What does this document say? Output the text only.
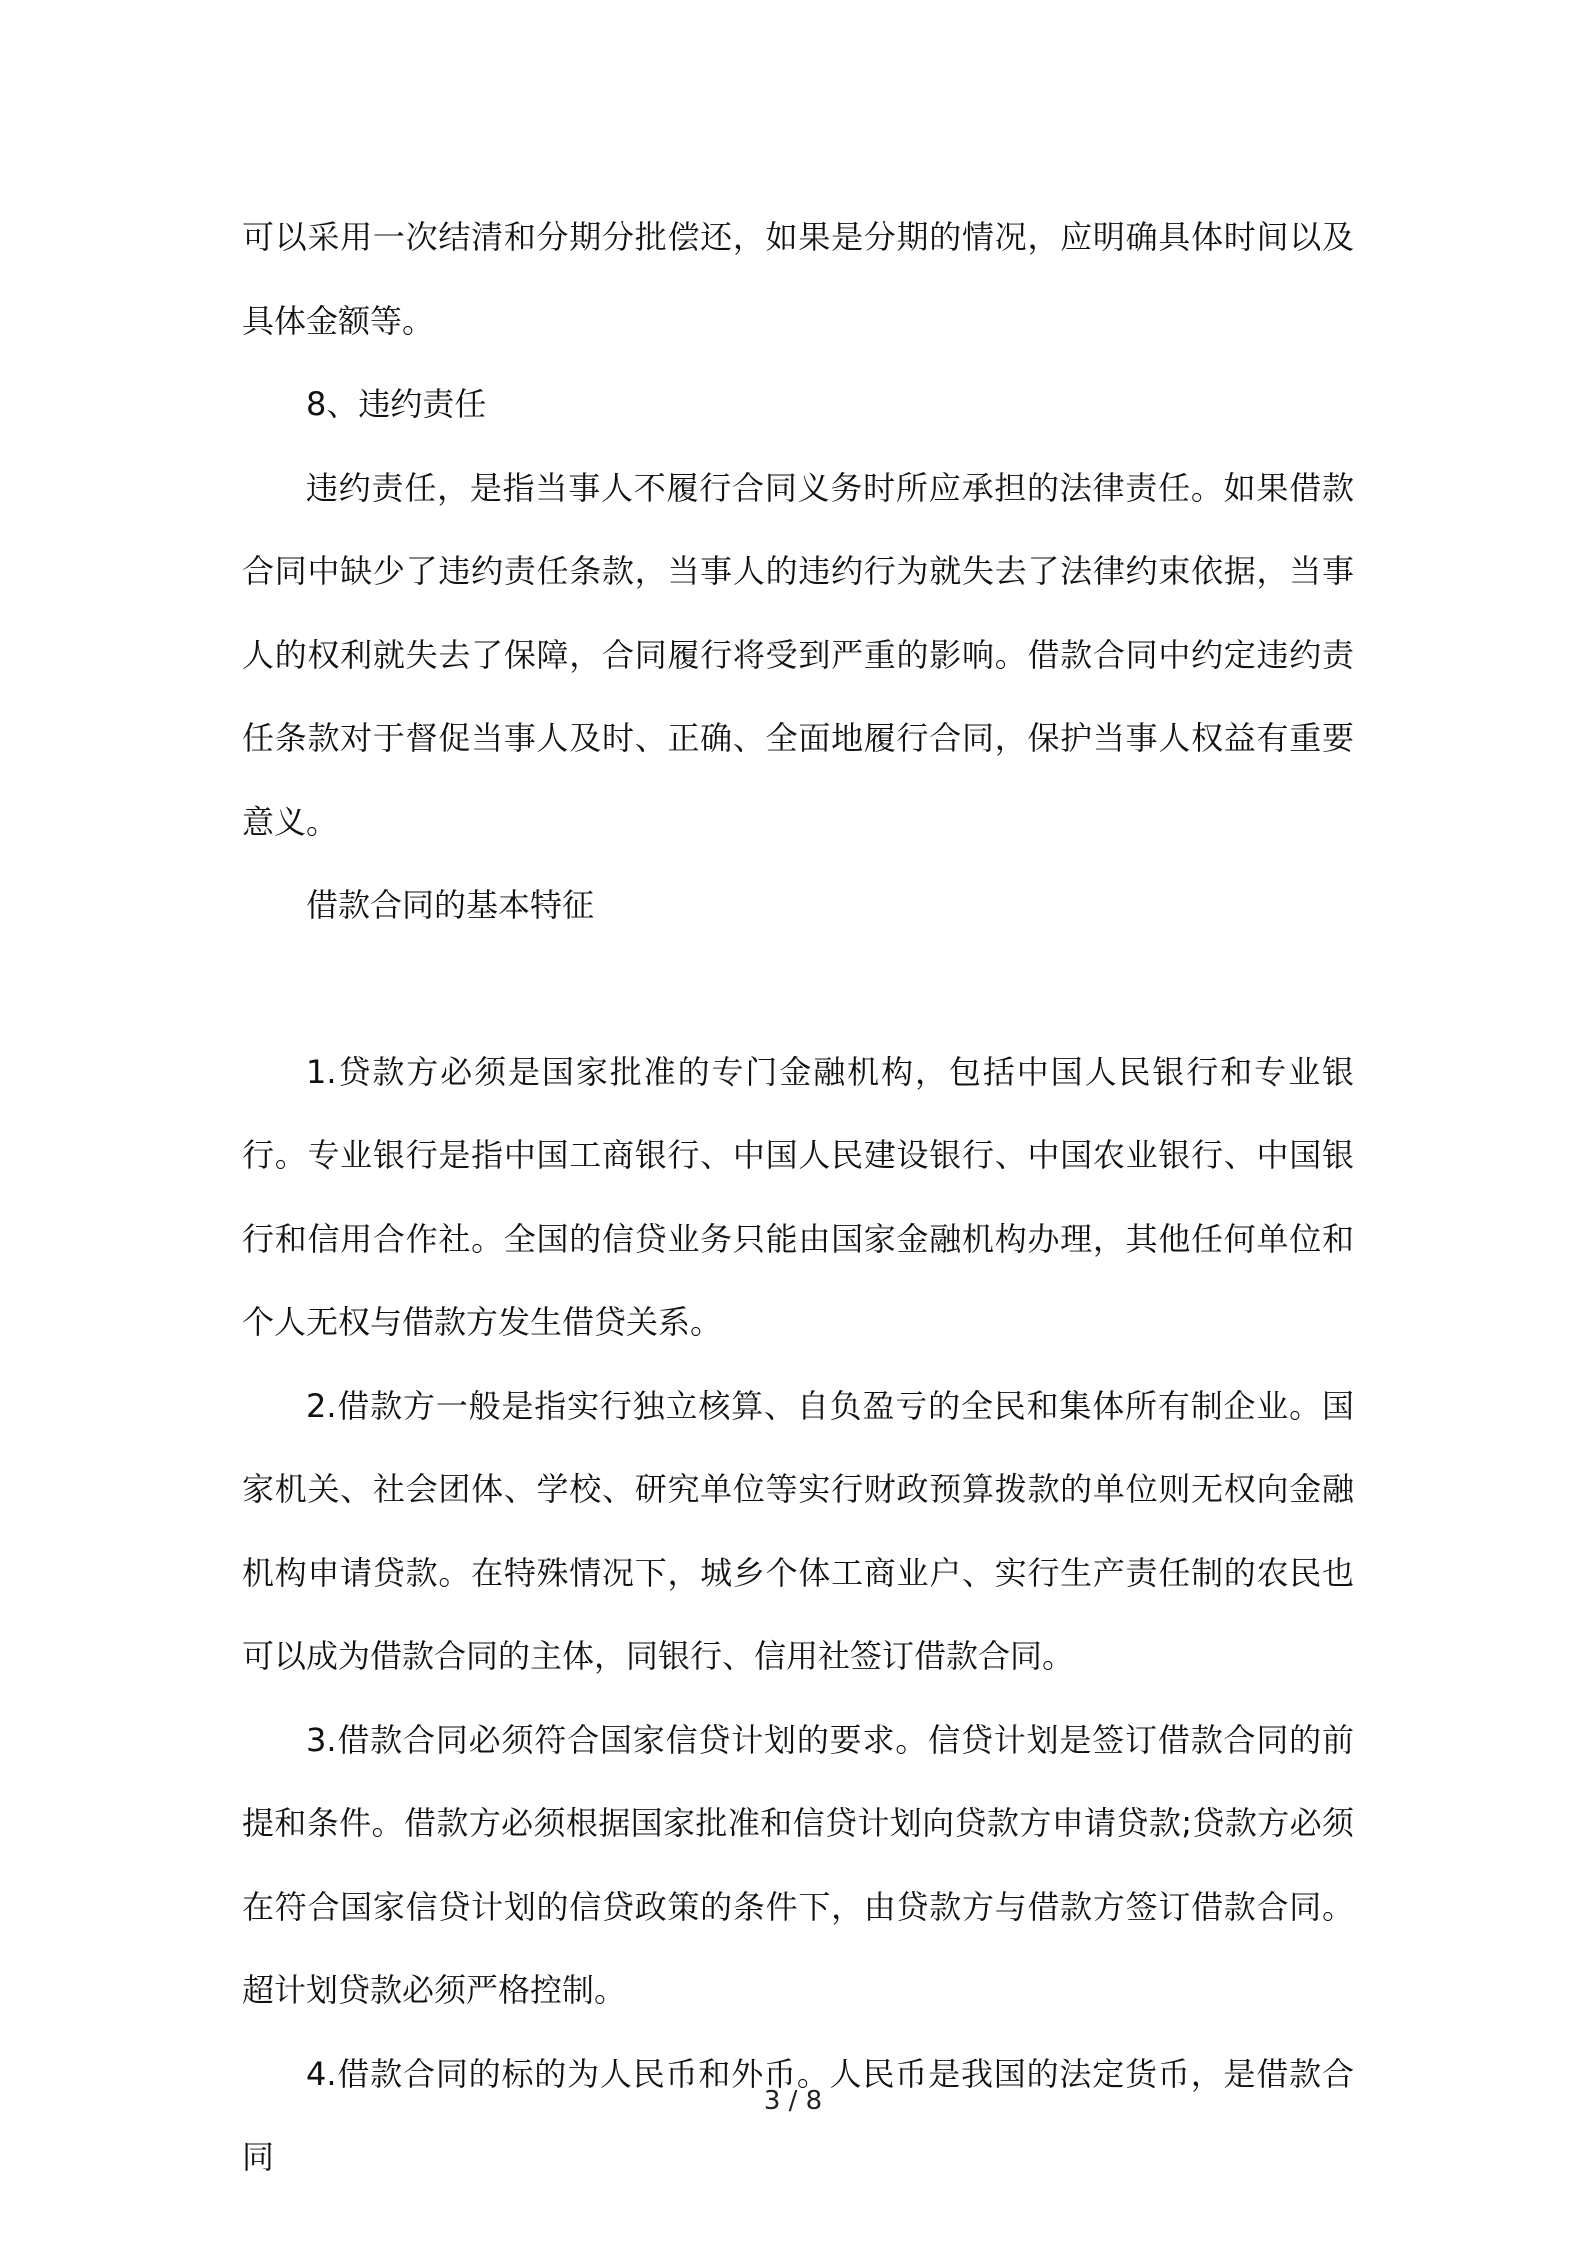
可以采用一次结清和分期分批偿还，如果是分期的情况，应明确具体时间以及具体金额等。

8、违约责任

违约责任，是指当事人不履行合同义务时所应承担的法律责任。如果借款合同中缺少了违约责任条款，当事人的违约行为就失去了法律约束依据，当事人的权利就失去了保障，合同履行将受到严重的影响。借款合同中约定违约责任条款对于督促当事人及时、正确、全面地履行合同，保护当事人权益有重要意义。

借款合同的基本特征

1.贷款方必须是国家批准的专门金融机构，包括中国人民银行和专业银行。专业银行是指中国工商银行、中国人民建设银行、中国农业银行、中国银行和信用合作社。全国的信贷业务只能由国家金融机构办理，其他任何单位和个人无权与借款方发生借贷关系。

2.借款方一般是指实行独立核算、自负盈亏的全民和集体所有制企业。国家机关、社会团体、学校、研究单位等实行财政预算拨款的单位则无权向金融机构申请贷款。在特殊情况下，城乡个体工商业户、实行生产责任制的农民也可以成为借款合同的主体，同银行、信用社签订借款合同。

3.借款合同必须符合国家信贷计划的要求。信贷计划是签订借款合同的前提和条件。借款方必须根据国家批准和信贷计划向贷款方申请贷款;贷款方必须在符合国家信贷计划的信贷政策的条件下，由贷款方与借款方签订借款合同。超计划贷款必须严格控制。

4.借款合同的标的为人民币和外币。人民币是我国的法定货币，是借款合同

3 / 8
